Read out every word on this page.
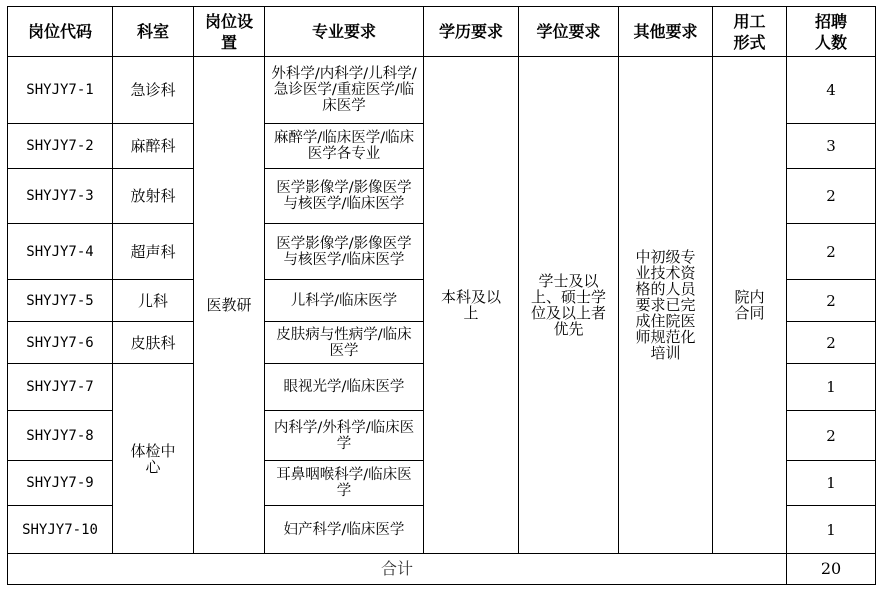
岗位代码	科室	岗位设置	专业要求	学历要求	学位要求	其他要求	用工形式	招聘人数
SHYJY7-1	急诊科	医教研	外科学/内科学/儿科学/急诊医学/重症医学/临床医学	本科及以上	学士及以上、硕士学位及以上者优先	中初级专业技术资格的人员要求已完成住院医师规范化培训	院内合同	4
SHYJY7-2	麻醉科		麻醉学/临床医学/临床医学各专业					3
SHYJY7-3	放射科		医学影像学/影像医学与核医学/临床医学					2
SHYJY7-4	超声科		医学影像学/影像医学与核医学/临床医学					2
SHYJY7-5	儿科		儿科学/临床医学					2
SHYJY7-6	皮肤科		皮肤病与性病学/临床医学					2
SHYJY7-7	体检中心		眼视光学/临床医学					1
SHYJY7-8			内科学/外科学/临床医学					2
SHYJY7-9			耳鼻咽喉科学/临床医学					1
SHYJY7-10			妇产科学/临床医学					1
合计								20
